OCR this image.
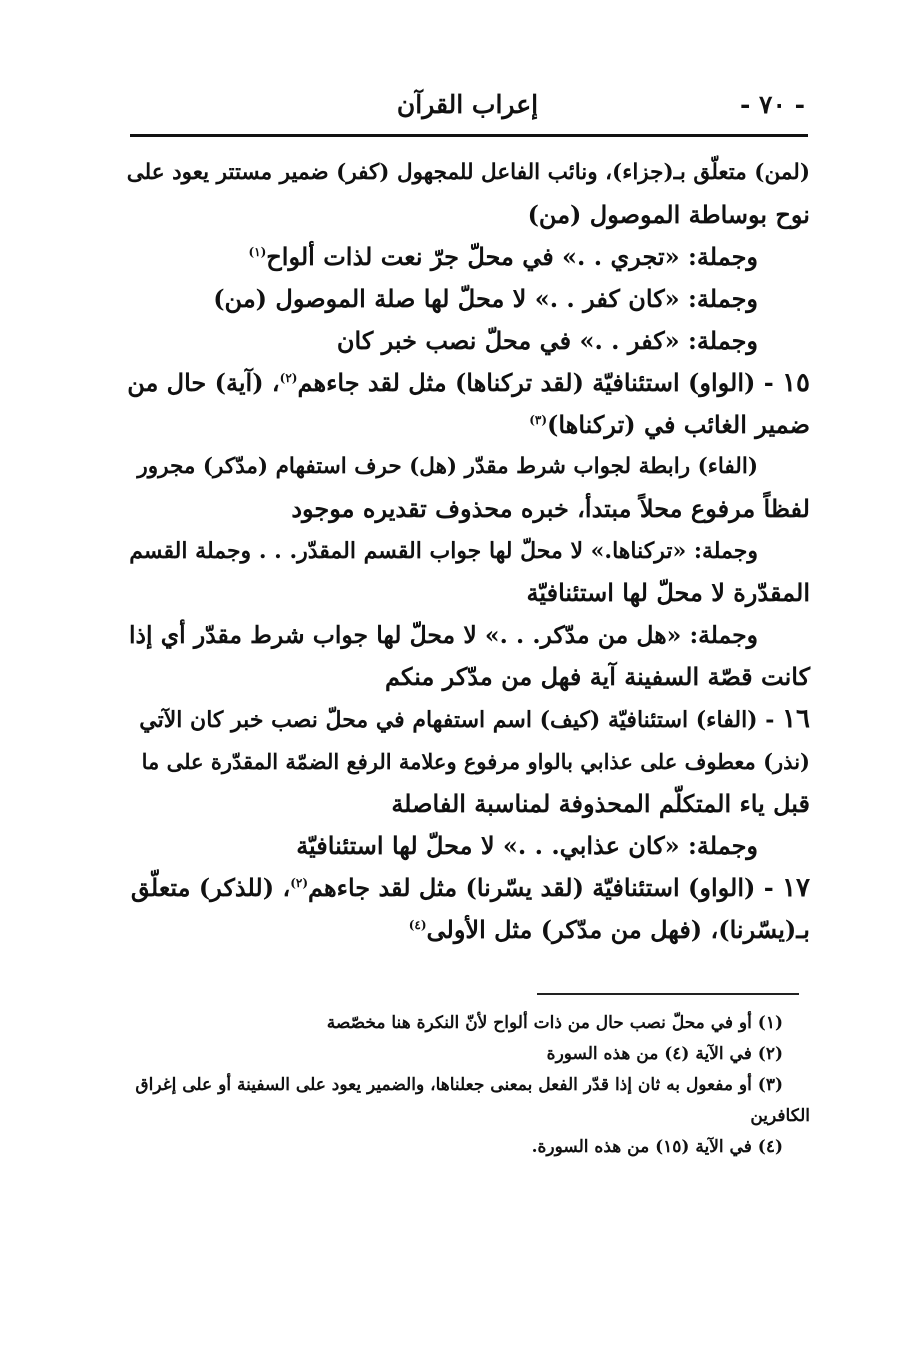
- ٧٠ -
إعراب القرآن

(لمن) متعلّق بـ(جزاء)، ونائب الفاعل للمجهول (كفر) ضمير مستتر يعود على

نوح بوساطة الموصول (من)

وجملة: «تجري . .» في محلّ جرّ نعت لذات ألواح$^{(١)}$

وجملة: «كان كفر . .» لا محلّ لها صلة الموصول (من)

وجملة: «كفر . .» في محلّ نصب خبر كان

١٥ - (الواو) استئنافيّة (لقد تركناها) مثل لقد جاءهم$^{(٢)}$، (آية) حال من

ضمير الغائب في (تركناها)$^{(٣)}$

(الفاء) رابطة لجواب شرط مقدّر (هل) حرف استفهام (مدّكر) مجرور

لفظاً مرفوع محلاً مبتدأ، خبره محذوف تقديره موجود

وجملة: «تركناها.» لا محلّ لها جواب القسم المقدّر. . . وجملة القسم

المقدّرة لا محلّ لها استئنافيّة

وجملة: «هل من مدّكر. . .» لا محلّ لها جواب شرط مقدّر أي إذا

كانت قصّة السفينة آية فهل من مدّكر منكم

١٦ - (الفاء) استئنافيّة (كيف) اسم استفهام في محلّ نصب خبر كان الآتي

(نذر) معطوف على عذابي بالواو مرفوع وعلامة الرفع الضمّة المقدّرة على ما

قبل ياء المتكلّم المحذوفة لمناسبة الفاصلة

وجملة: «كان عذابي. . .» لا محلّ لها استئنافيّة

١٧ - (الواو) استئنافيّة (لقد يسّرنا) مثل لقد جاءهم$^{(٢)}$، (للذكر) متعلّق

بـ(يسّرنا)، (فهل من مدّكر) مثل الأولى$^{(٤)}$

(١) أو في محلّ نصب حال من ذات ألواح لأنّ النكرة هنا مخصّصة

(٢) في الآية (٤) من هذه السورة

(٣) أو مفعول به ثان إذا قدّر الفعل بمعنى جعلناها، والضمير يعود على السفينة أو على إغراق

الكافرين

(٤) في الآية (١٥) من هذه السورة.
